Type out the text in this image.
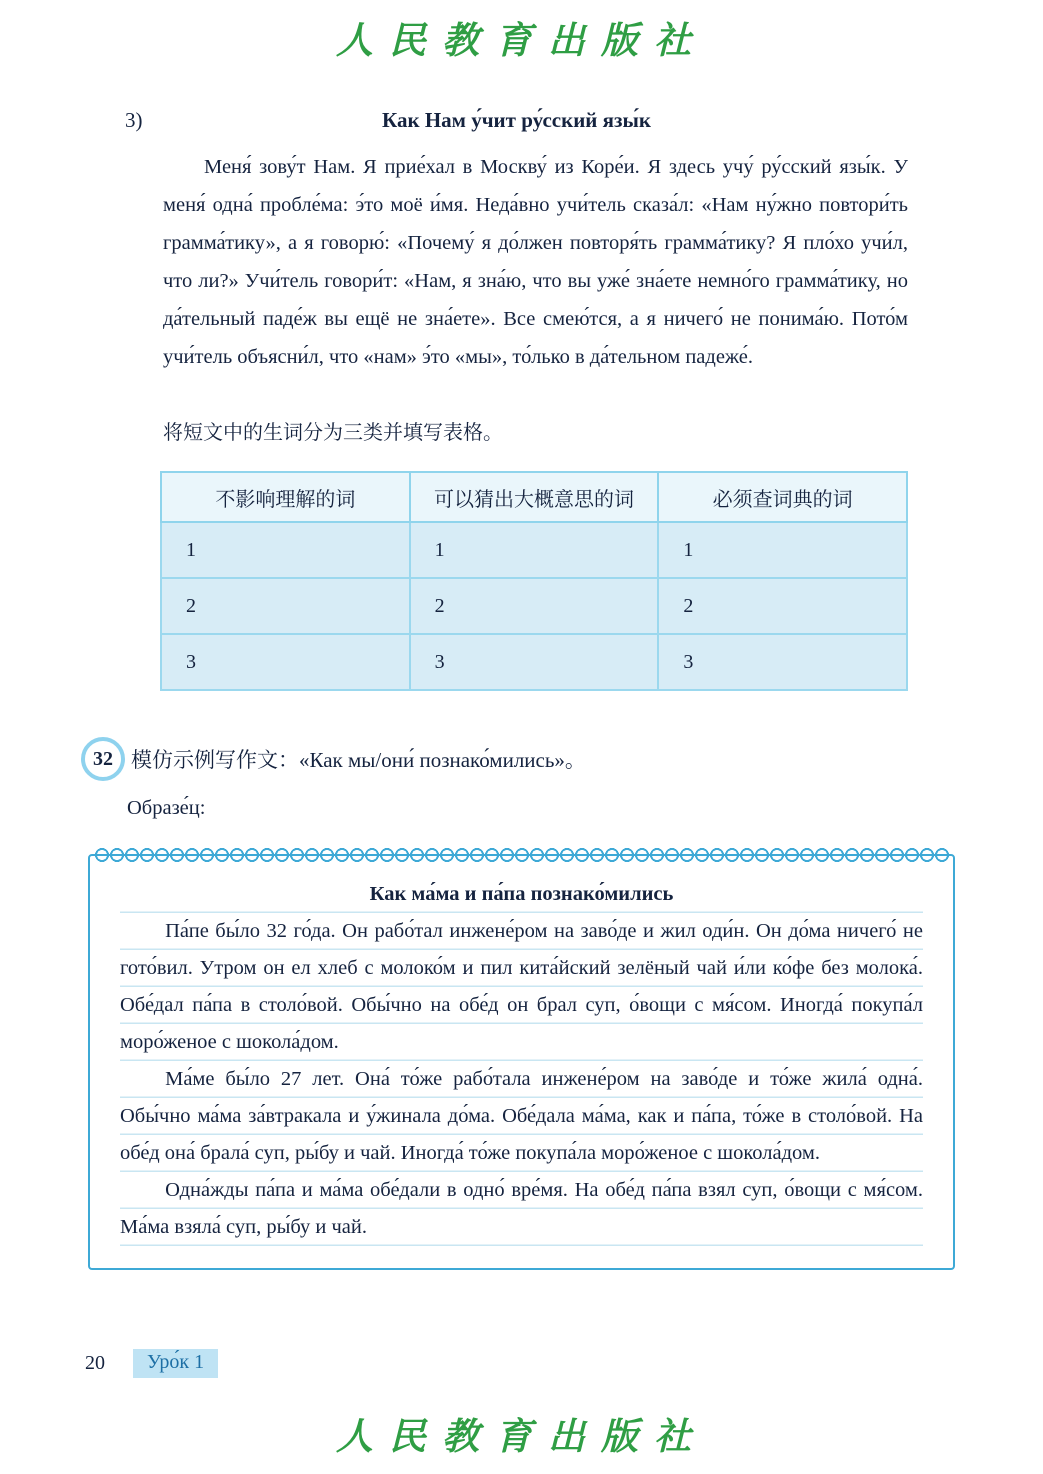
人民教育出版社
3)	Как Нам у́чит ру́сский язы́к

Меня́ зову́т Нам. Я прие́хал в Москву́ из Коре́и. Я здесь учу́ ру́сский язы́к. У меня́ одна́ пробле́ма: э́то моё и́мя. Неда́вно учи́тель сказа́л: «Нам ну́жно повтори́ть грамма́тику», а я говорю́: «Почему́ я до́лжен повторя́ть грамма́тику? Я пло́хо учи́л, что ли?» Учи́тель говори́т: «Нам, я зна́ю, что вы уже́ зна́ете немно́го грамма́тику, но да́тельный паде́ж вы ещё не зна́ете». Все смею́тся, а я ничего́ не понима́ю. Пото́м учи́тель объясни́л, что «нам» э́то «мы», то́лько в да́тельном падеже́.

将短文中的生词分为三类并填写表格。
不影响理解的词	可以猜出大概意思的词	必须查词典的词
1	1	1
2	2	2
3	3	3
32 模仿示例写作文：«Как мы/они́ познако́мились»。
Образе́ц:
Как ма́ма и па́па познако́мились

Па́пе бы́ло 32 го́да. Он рабо́тал инжене́ром на заво́де и жил оди́н. Он до́ма ничего́ не гото́вил. Утром он ел хлеб с молоко́м и пил кита́йский зелёный чай и́ли ко́фе без молока́. Обе́дал па́па в столо́вой. Обы́чно на обе́д он брал суп, о́вощи с мя́сом. Иногда́ покупа́л моро́женое с шокола́дом.

Ма́ме бы́ло 27 лет. Она́ то́же рабо́тала инжене́ром на заво́де и то́же жила́ одна́. Обы́чно ма́ма за́втракала и у́жинала до́ма. Обе́дала ма́ма, как и па́па, то́же в столо́вой. На обе́д она́ брала́ суп, ры́бу и чай. Иногда́ то́же покупа́ла моро́женое с шокола́дом.

Одна́жды па́па и ма́ма обе́дали в одно́ вре́мя. На обе́д па́па взял суп, о́вощи с мя́сом. Ма́ма взяла́ суп, ры́бу и чай.

20	Уро́к 1
人民教育出版社
